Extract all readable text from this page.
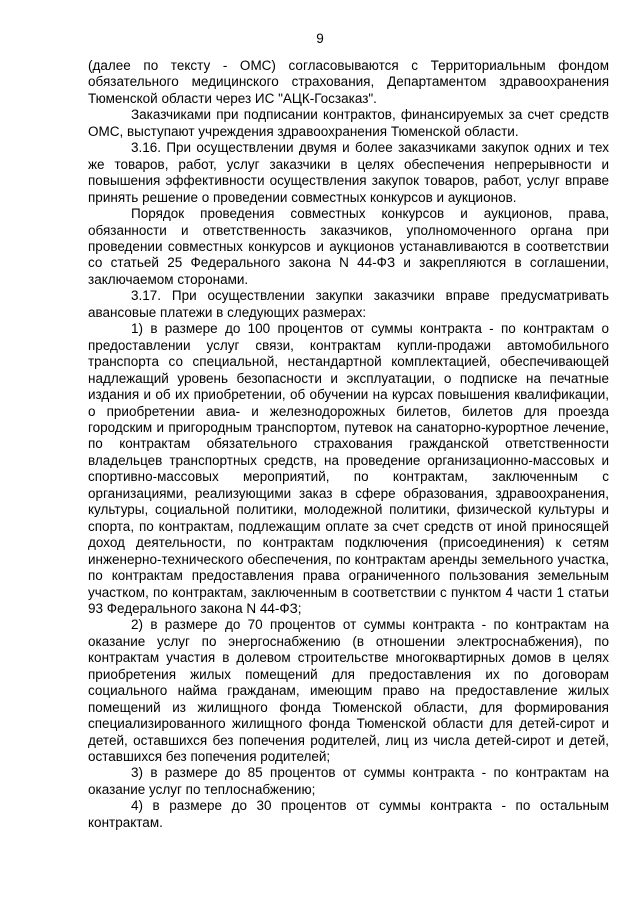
9

(далее по тексту - ОМС) согласовываются с Территориальным фондом обязательного медицинского страхования, Департаментом здравоохранения Тюменской области через ИС "АЦК-Госзаказ".

Заказчиками при подписании контрактов, финансируемых за счет средств ОМС, выступают учреждения здравоохранения Тюменской области.

3.16. При осуществлении двумя и более заказчиками закупок одних и тех же товаров, работ, услуг заказчики в целях обеспечения непрерывности и повышения эффективности осуществления закупок товаров, работ, услуг вправе принять решение о проведении совместных конкурсов и аукционов.

Порядок проведения совместных конкурсов и аукционов, права, обязанности и ответственность заказчиков, уполномоченного органа при проведении совместных конкурсов и аукционов устанавливаются в соответствии со статьей 25 Федерального закона N 44-ФЗ и закрепляются в соглашении, заключаемом сторонами.

3.17. При осуществлении закупки заказчики вправе предусматривать авансовые платежи в следующих размерах:

1) в размере до 100 процентов от суммы контракта - по контрактам о предоставлении услуг связи, контрактам купли-продажи автомобильного транспорта со специальной, нестандартной комплектацией, обеспечивающей надлежащий уровень безопасности и эксплуатации, о подписке на печатные издания и об их приобретении, об обучении на курсах повышения квалификации, о приобретении авиа- и железнодорожных билетов, билетов для проезда городским и пригородным транспортом, путевок на санаторно-курортное лечение, по контрактам обязательного страхования гражданской ответственности владельцев транспортных средств, на проведение организационно-массовых и спортивно-массовых мероприятий, по контрактам, заключенным с организациями, реализующими заказ в сфере образования, здравоохранения, культуры, социальной политики, молодежной политики, физической культуры и спорта, по контрактам, подлежащим оплате за счет средств от иной приносящей доход деятельности, по контрактам подключения (присоединения) к сетям инженерно-технического обеспечения, по контрактам аренды земельного участка, по контрактам предоставления права ограниченного пользования земельным участком, по контрактам, заключенным в соответствии с пунктом 4 части 1 статьи 93 Федерального закона N 44-ФЗ;

2) в размере до 70 процентов от суммы контракта - по контрактам на оказание услуг по энергоснабжению (в отношении электроснабжения), по контрактам участия в долевом строительстве многоквартирных домов в целях приобретения жилых помещений для предоставления их по договорам социального найма гражданам, имеющим право на предоставление жилых помещений из жилищного фонда Тюменской области, для формирования специализированного жилищного фонда Тюменской области для детей-сирот и детей, оставшихся без попечения родителей, лиц из числа детей-сирот и детей, оставшихся без попечения родителей;

3) в размере до 85 процентов от суммы контракта - по контрактам на оказание услуг по теплоснабжению;

4) в размере до 30 процентов от суммы контракта - по остальным контрактам.
